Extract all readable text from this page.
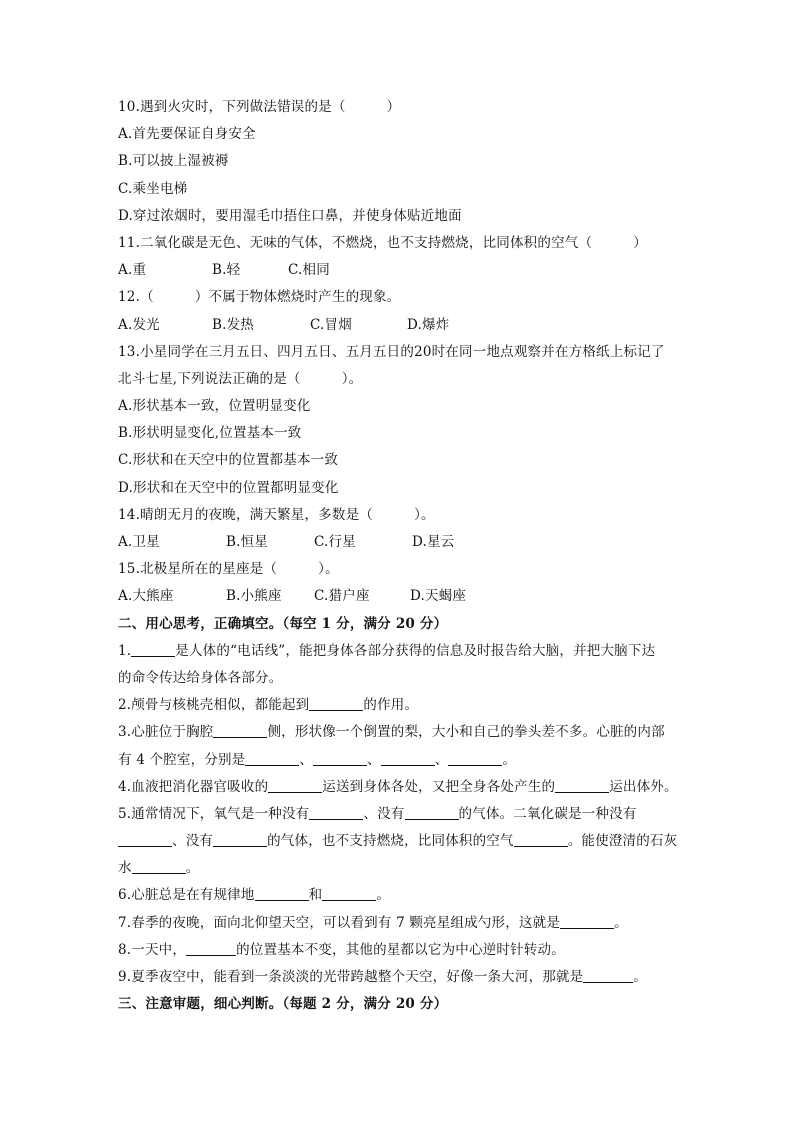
10.遇到火灾时，下列做法错误的是（　　　）
A.首先要保证自身安全
B.可以披上湿被褥
C.乘坐电梯
D.穿过浓烟时，要用湿毛巾捂住口鼻，并使身体贴近地面
11.二氧化碳是无色、无味的气体，不燃烧，也不支持燃烧，比同体积的空气（　　　）
A.重	B.轻	C.相同
12.（　　　）不属于物体燃烧时产生的现象。
A.发光	B.发热	C.冒烟	D.爆炸
13.小星同学在三月五日、四月五日、五月五日的20时在同一地点观察并在方格纸上标记了
北斗七星,下列说法正确的是（　　　）。
A.形状基本一致，位置明显变化
B.形状明显变化,位置基本一致
C.形状和在天空中的位置都基本一致
D.形状和在天空中的位置都明显变化
14.晴朗无月的夜晚，满天繁星，多数是（　　　）。
A.卫星	B.恒星	C.行星	D.星云
15.北极星所在的星座是（　　　）。
A.大熊座	B.小熊座 C.猎户座	D.天蝎座
二、用心思考，正确填空。（每空 1 分，满分 20 分）
1.	是人体的“电话线”，能把身体各部分获得的信息及时报告给大脑，并把大脑下达
的命令传达给身体各部分。
2.颅骨与核桃壳相似，都能起到	的作用。
3.心脏位于胸腔	侧，形状像一个倒置的梨，大小和自己的拳头差不多。心脏的内部
有 4 个腔室，分别是	、	、	、	。
4.血液把消化器官吸收的	运送到身体各处，又把全身各处产生的	运出体外。
5.通常情况下，氧气是一种没有	、没有	的气体。二氧化碳是一种没有
、没有	的气体，也不支持燃烧，比同体积的空气	。能使澄清的石灰
水	。
6.心脏总是在有规律地	和	。
7.春季的夜晚，面向北仰望天空，可以看到有 7 颗亮星组成勺形，这就是	。
8.一天中，	的位置基本不变，其他的星都以它为中心逆时针转动。
9.夏季夜空中，能看到一条淡淡的光带跨越整个天空，好像一条大河，那就是	。
三、注意审题，细心判断。（每题 2 分，满分 20 分）
